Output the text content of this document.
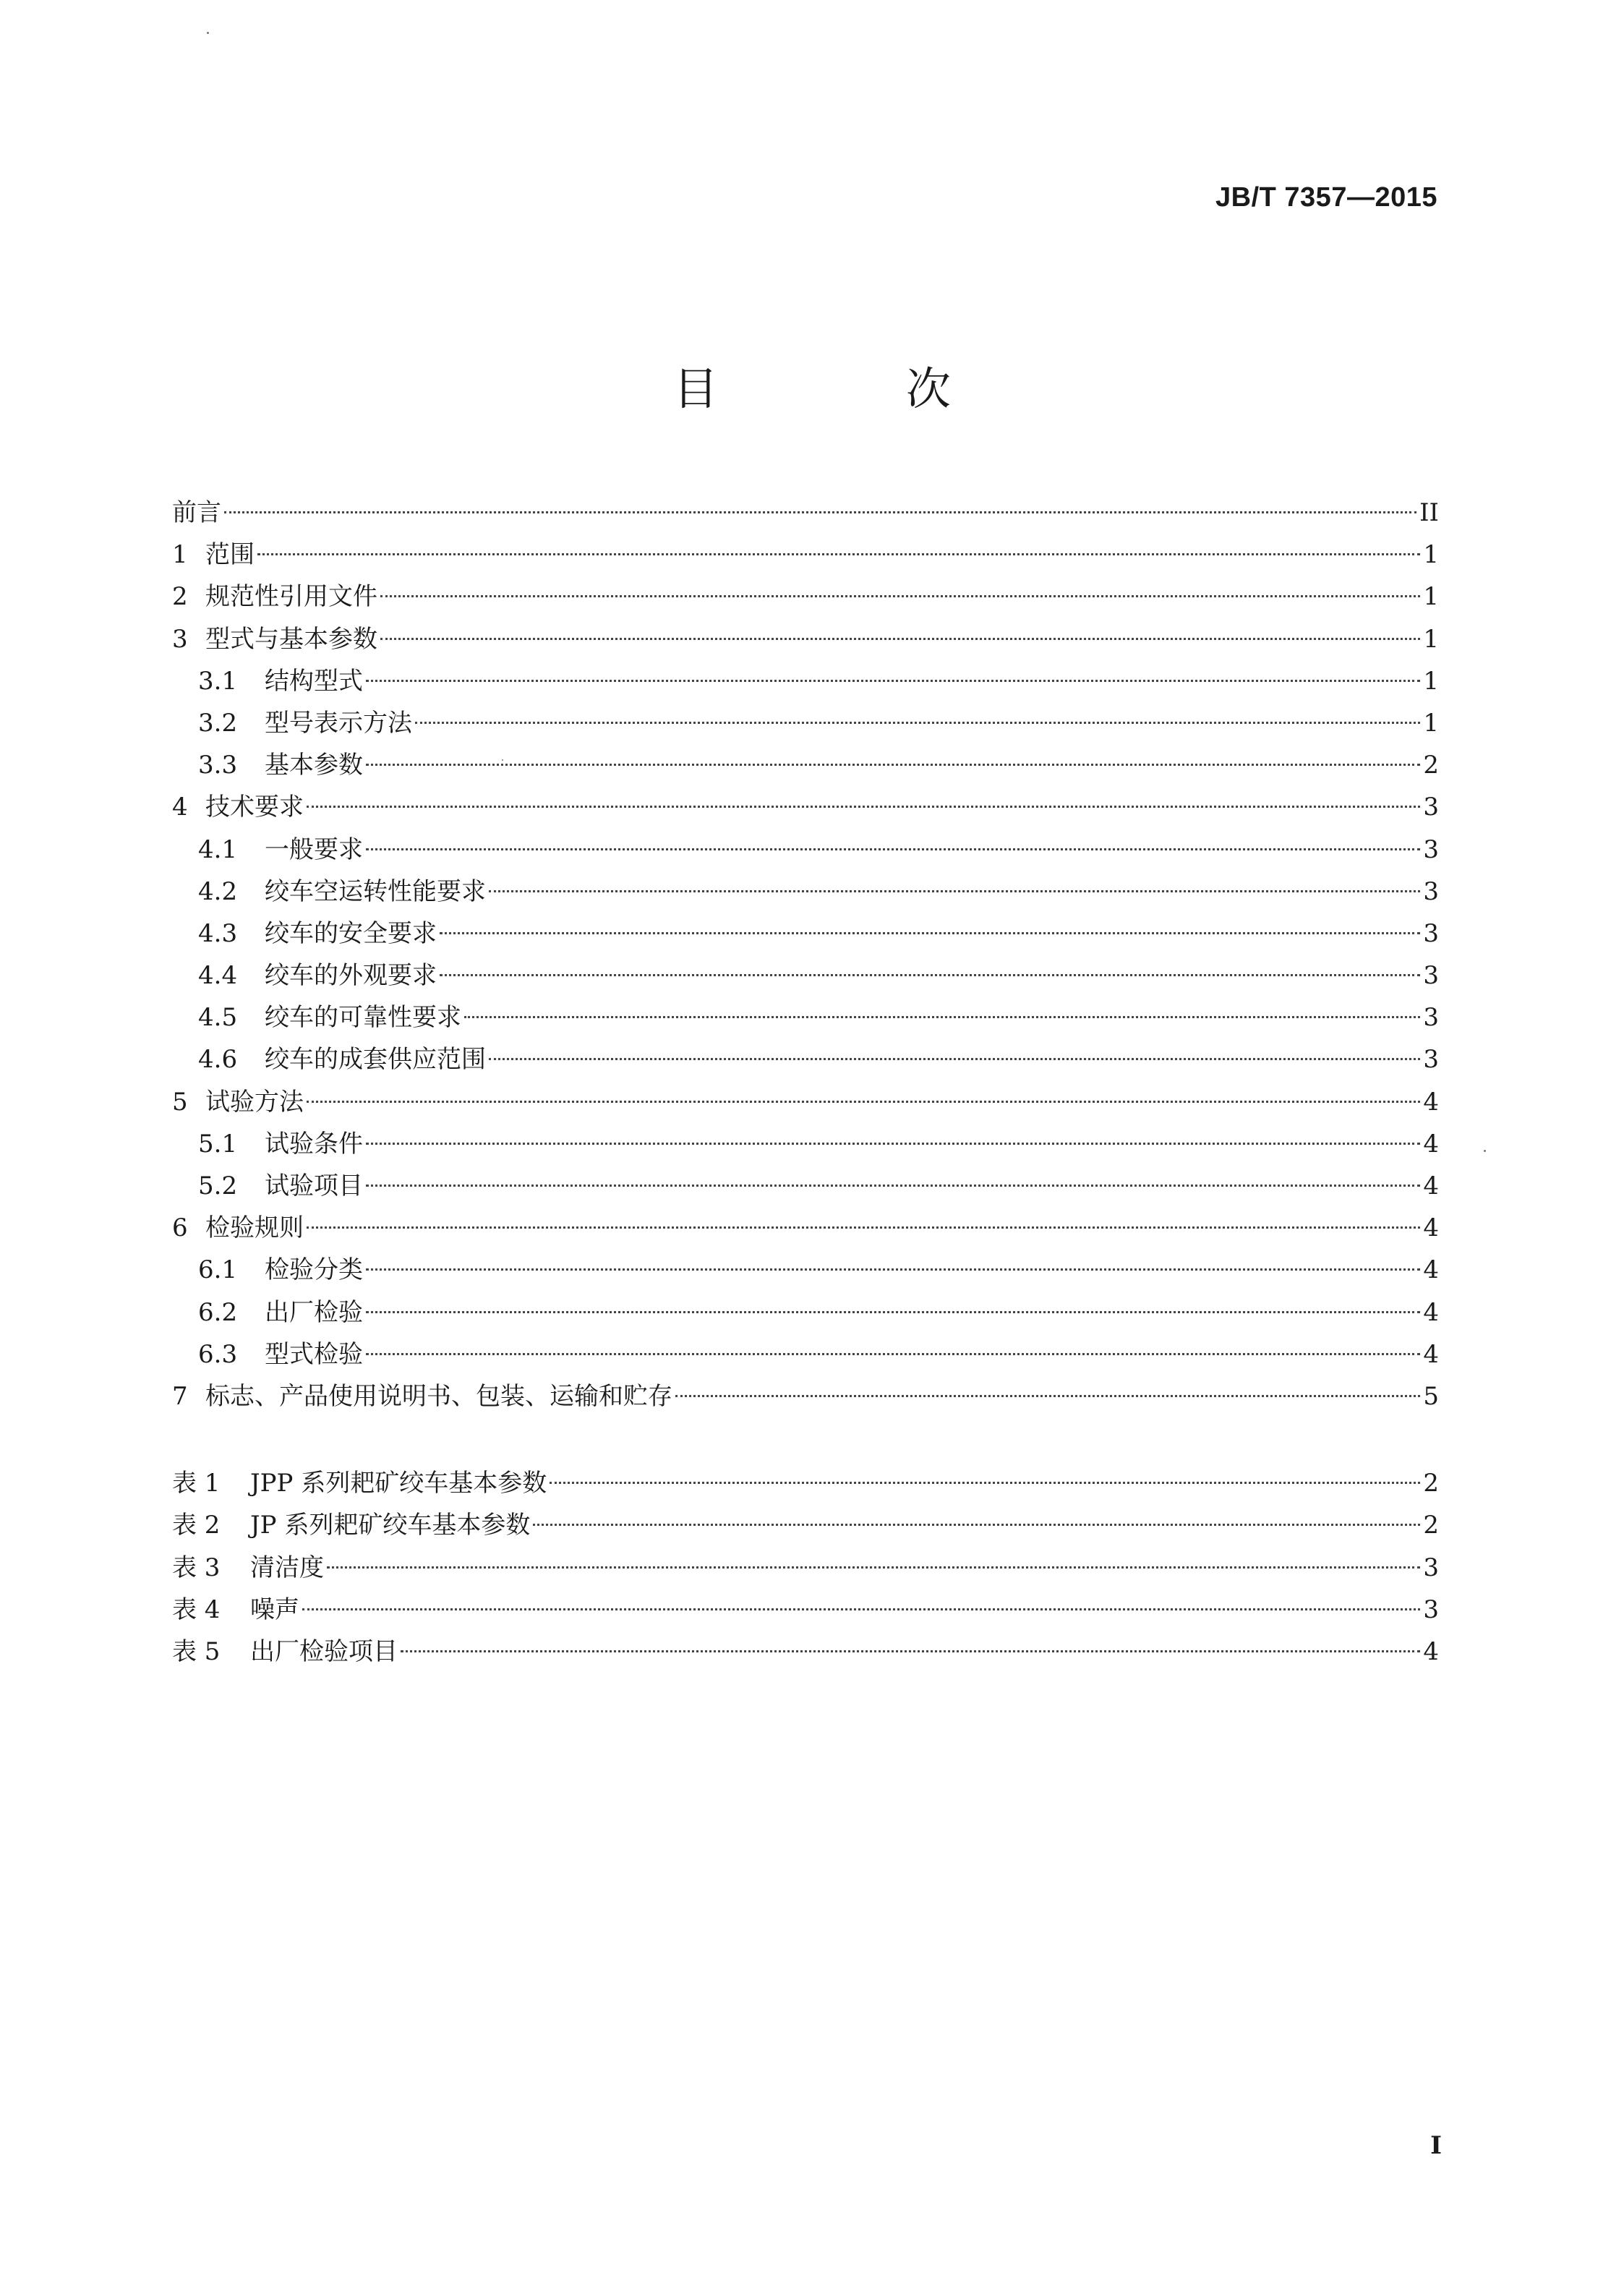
JB/T 7357—2015
目 次
前言	II
1 范围	1
2 规范性引用文件	1
3 型式与基本参数	1
3.1	结构型式	1
3.2	型号表示方法	1
3.3	基本参数	2
4 技术要求	3
4.1	一般要求	3
4.2	绞车空运转性能要求	3
4.3	绞车的安全要求	3
4.4	绞车的外观要求	3
4.5	绞车的可靠性要求	3
4.6	绞车的成套供应范围	3
5 试验方法	4
5.1	试验条件	4
5.2	试验项目	4
6 检验规则	4
6.1	检验分类	4
6.2	出厂检验	4
6.3	型式检验	4
7 标志、产品使用说明书、包装、运输和贮存	5
表 1	JPP 系列耙矿绞车基本参数	2
表 2	JP 系列耙矿绞车基本参数	2
表 3	清洁度	3
表 4	噪声	3
表 5	出厂检验项目	4
I
